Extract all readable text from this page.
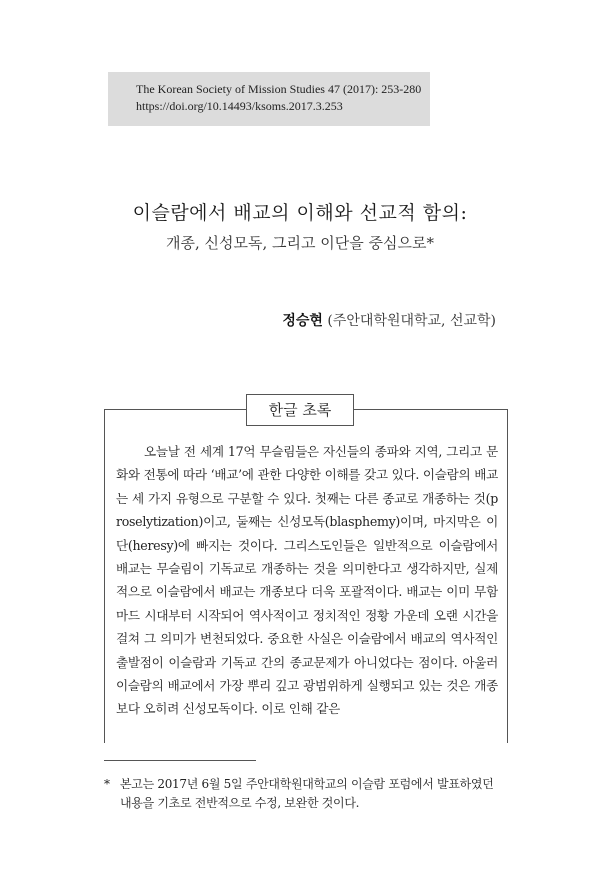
The Korean Society of Mission Studies 47 (2017): 253-280
https://doi.org/10.14493/ksoms.2017.3.253
이슬람에서 배교의 이해와 선교적 함의:
개종, 신성모독, 그리고 이단을 중심으로*
정승현 (주안대학원대학교, 선교학)
한글 초록

오늘날 전 세계 17억 무슬림들은 자신들의 종파와 지역, 그리고 문화와 전통에 따라 ‘배교’에 관한 다양한 이해를 갖고 있다. 이슬람의 배교는 세 가지 유형으로 구분할 수 있다. 첫째는 다른 종교로 개종하는 것(proselytization)이고, 둘째는 신성모독(blasphemy)이며, 마지막은 이단(heresy)에 빠지는 것이다. 그리스도인들은 일반적으로 이슬람에서 배교는 무슬림이 기독교로 개종하는 것을 의미한다고 생각하지만, 실제적으로 이슬람에서 배교는 개종보다 더욱 포괄적이다. 배교는 이미 무함마드 시대부터 시작되어 역사적이고 정치적인 정황 가운데 오랜 시간을 걸쳐 그 의미가 변천되었다. 중요한 사실은 이슬람에서 배교의 역사적인 출발점이 이슬람과 기독교 간의 종교문제가 아니었다는 점이다. 아울러 이슬람의 배교에서 가장 뿌리 깊고 광범위하게 실행되고 있는 것은 개종보다 오히려 신성모독이다. 이로 인해 같은

* 본고는 2017년 6월 5일 주안대학원대학교의 이슬람 포럼에서 발표하였던 내용을 기초로 전반적으로 수정, 보완한 것이다.
